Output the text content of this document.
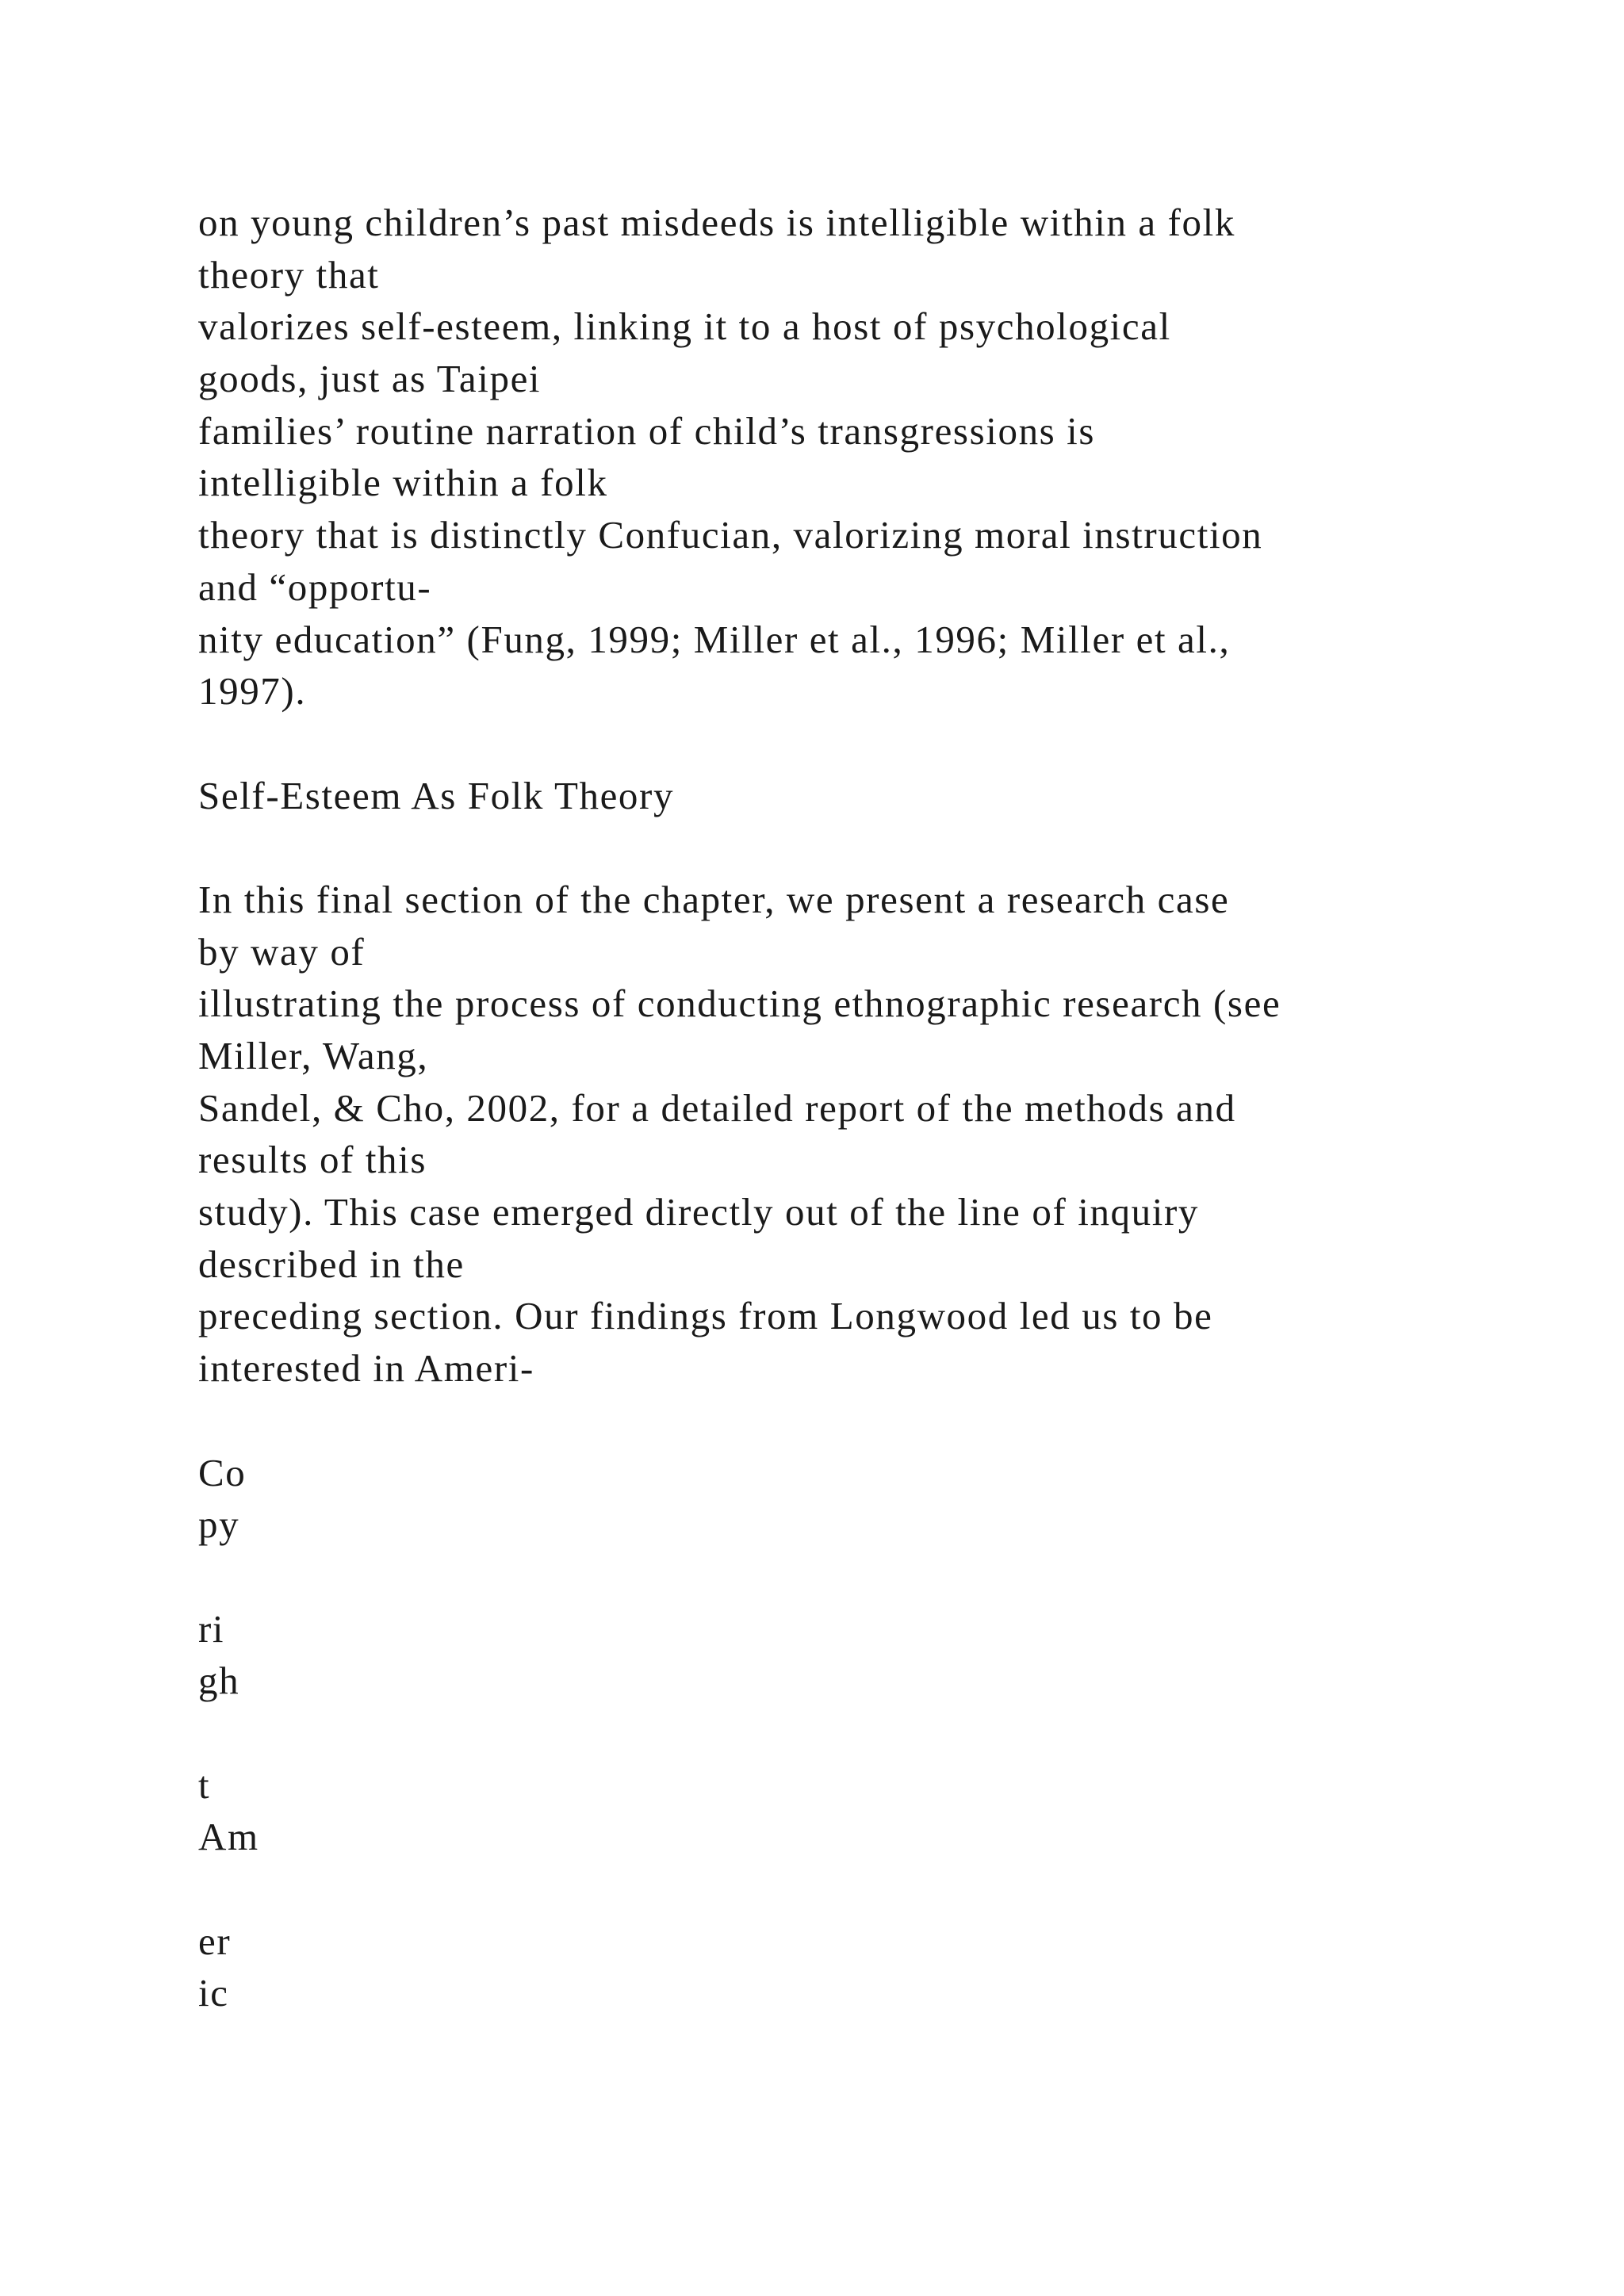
on young children’s past misdeeds is intelligible within a folk
theory that
valorizes self-esteem, linking it to a host of psychological
goods, just as Taipei
families’ routine narration of child’s transgressions is
intelligible within a folk
theory that is distinctly Confucian, valorizing moral instruction
and “opportu-
nity education” (Fung, 1999; Miller et al., 1996; Miller et al.,
1997).
Self-Esteem As Folk Theory
In this final section of the chapter, we present a research case
by way of
illustrating the process of conducting ethnographic research (see
Miller, Wang,
Sandel, & Cho, 2002, for a detailed report of the methods and
results of this
study). This case emerged directly out of the line of inquiry
described in the
preceding section. Our findings from Longwood led us to be
interested in Ameri-
Co
py
ri
gh
t
Am
er
ic
